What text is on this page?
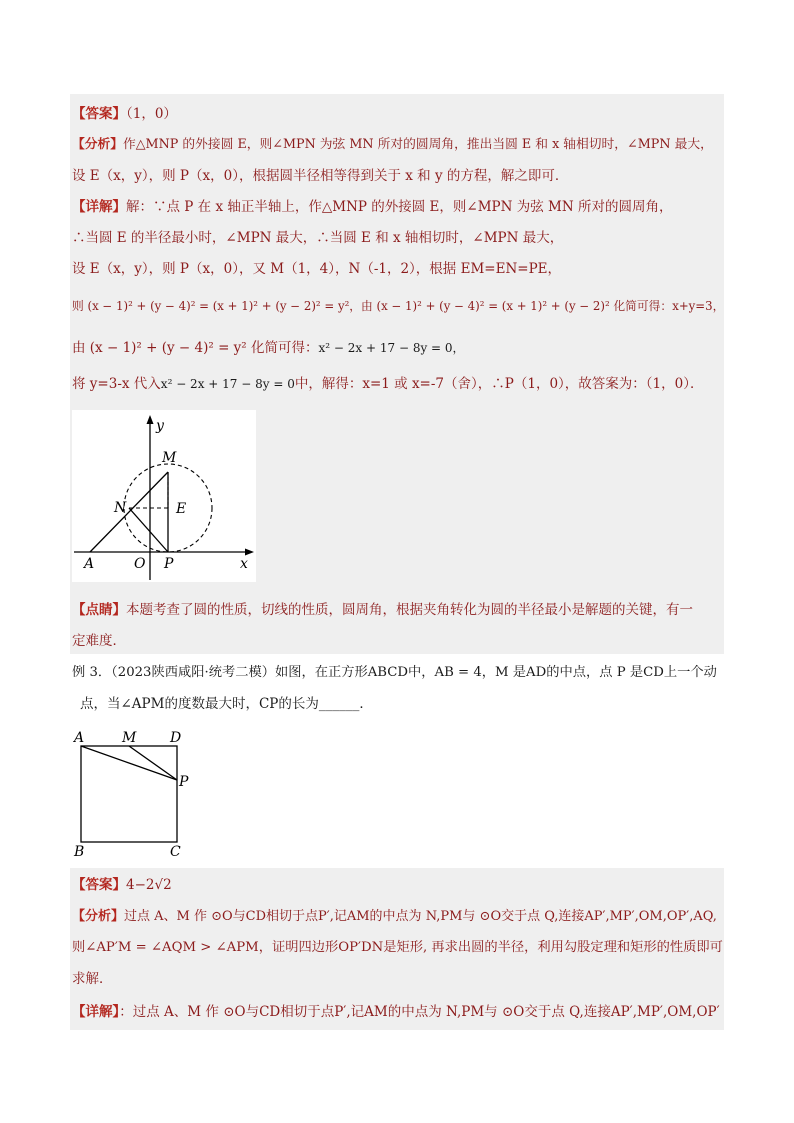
【答案】（1，0）
【分析】作△MNP 的外接圆 E，则∠MPN 为弦 MN 所对的圆周角，推出当圆 E 和 x 轴相切时，∠MPN 最大，
设 E（x，y），则 P（x，0），根据圆半径相等得到关于 x 和 y 的方程，解之即可．
【详解】解：∵点 P 在 x 轴正半轴上，作△MNP 的外接圆 E，则∠MPN 为弦 MN 所对的圆周角，
∴当圆 E 的半径最小时，∠MPN 最大，∴当圆 E 和 x 轴相切时，∠MPN 最大，
设 E（x，y），则 P（x，0），又 M（1，4），N（-1，2），根据 EM=EN=PE，
则 (x − 1)² + (y − 4)² = (x + 1)² + (y − 2)² = y²，由 (x − 1)² + (y − 4)² = (x + 1)² + (y − 2)² 化简可得：x+y=3，
由 (x − 1)² + (y − 4)² = y² 化简可得：x² − 2x + 17 − 8y = 0，
将 y=3-x 代入x² − 2x + 17 − 8y = 0中，解得：x=1 或 x=-7（舍），∴P（1，0），故答案为：（1，0）．
y
x
M
N	E
A	O P
【点睛】本题考查了圆的性质，切线的性质，圆周角，根据夹角转化为圆的半径最小是解题的关键，有一
定难度．
例 3．（2023陕西咸阳·统考二模）如图，在正方形ABCD中，AB = 4，M 是AD的中点，点 P 是CD上一个动
点，当∠APM的度数最大时，CP的长为______．
A	M D
P
B	C
【答案】4−2√2
【分析】过点 A、M 作 ⊙O与CD相切于点P′,记AM的中点为 N,PM与 ⊙O交于点 Q,连接AP′,MP′,OM,OP′,AQ,
则∠AP′M = ∠AQM > ∠APM，证明四边形OP′DN是矩形, 再求出圆的半径，利用勾股定理和矩形的性质即可
求解．
【详解】：过点 A、M 作 ⊙O与CD相切于点P′,记AM的中点为 N,PM与 ⊙O交于点 Q,连接AP′,MP′,OM,OP′
